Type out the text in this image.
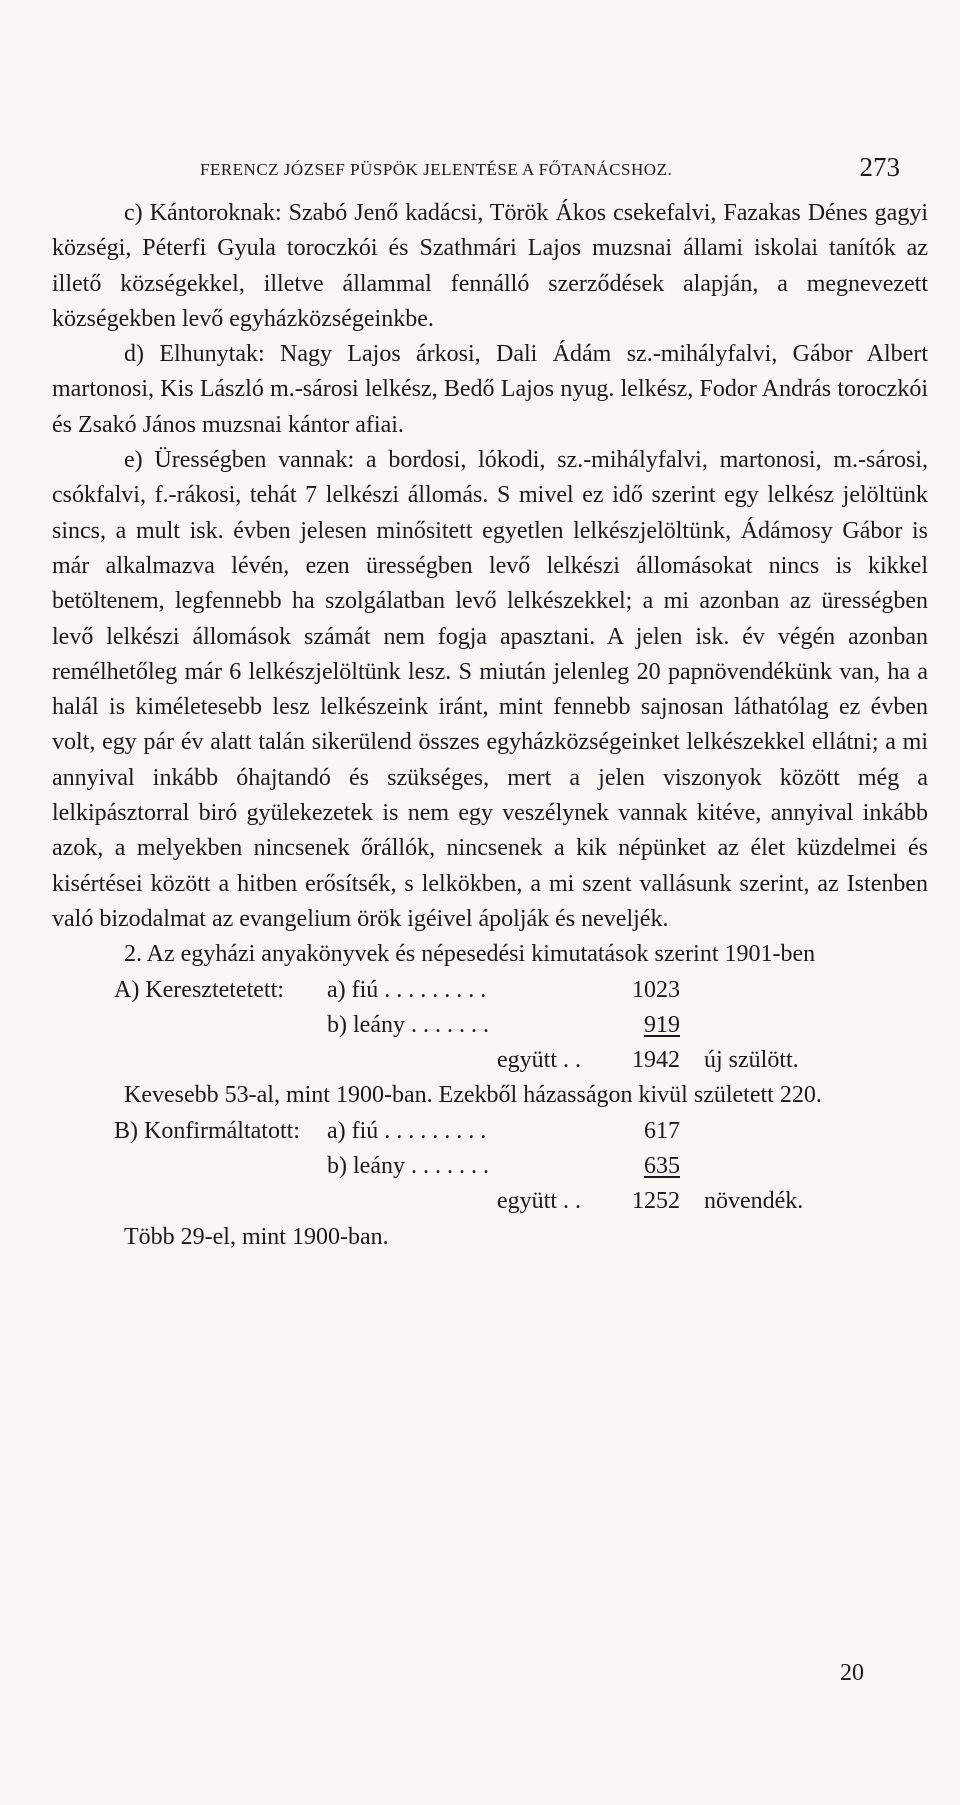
FERENCZ JÓZSEF PÜSPÖK JELENTÉSE A FŐTANÁCSHOZ.	273

c) Kántoroknak: Szabó Jenő kadácsi, Török Ákos csekefalvi, Fazakas Dénes gagyi községi, Péterfi Gyula toroczkói és Szathmári Lajos muzsnai állami iskolai tanítók az illető községekkel, illetve állammal fennálló szerződések alapján, a megnevezett községekben levő egyházközségeinkbe.

d) Elhunytak: Nagy Lajos árkosi, Dali Ádám sz.-mihályfalvi, Gábor Albert martonosi, Kis László m.-sárosi lelkész, Bedő Lajos nyug. lelkész, Fodor András toroczkói és Zsakó János muzsnai kántor afiai.

e) Ürességben vannak: a bordosi, lókodi, sz.-mihályfalvi, martonosi, m.-sárosi, csókfalvi, f.-rákosi, tehát 7 lelkészi állomás. S mivel ez idő szerint egy lelkész jelöltünk sincs, a mult isk. évben jelesen minősitett egyetlen lelkészjelöltünk, Ádámosy Gábor is már alkalmazva lévén, ezen ürességben levő lelkészi állomásokat nincs is kikkel betöltenem, legfennebb ha szolgálatban levő lelkészekkel; a mi azonban az ürességben levő lelkészi állomások számát nem fogja apasztani. A jelen isk. év végén azonban remélhetőleg már 6 lelkészjelöltünk lesz. S miután jelenleg 20 papnövendékünk van, ha a halál is kiméletesebb lesz lelkészeink iránt, mint fennebb sajnosan láthatólag ez évben volt, egy pár év alatt talán sikerülend összes egyházközségeinket lelkészekkel ellátni; a mi annyival inkább óhajtandó és szükséges, mert a jelen viszonyok között még a lelkipásztorral biró gyülekezetek is nem egy veszélynek vannak kitéve, annyival inkább azok, a melyekben nincsenek őrállók, nincsenek a kik népünket az élet küzdelmei és kisértései között a hitben erősítsék, s lelkökben, a mi szent vallásunk szerint, az Istenben való bizodalmat az evangelium örök igéivel ápolják és neveljék.

2. Az egyházi anyakönyvek és népesedési kimutatások szerint 1901-ben

A) Keresztetetett: a) fiú . . . . . . . . .	1023
b) leány . . . . . . .	919
együtt . . 1942 új szülött.

Kevesebb 53-al, mint 1900-ban. Ezekből házasságon kivül született 220.

B) Konfirmáltatott: a) fiú . . . . . . . . .	617
b) leány . . . . . . .	635
együtt . . 1252 növendék.

Több 29-el, mint 1900-ban.

20
